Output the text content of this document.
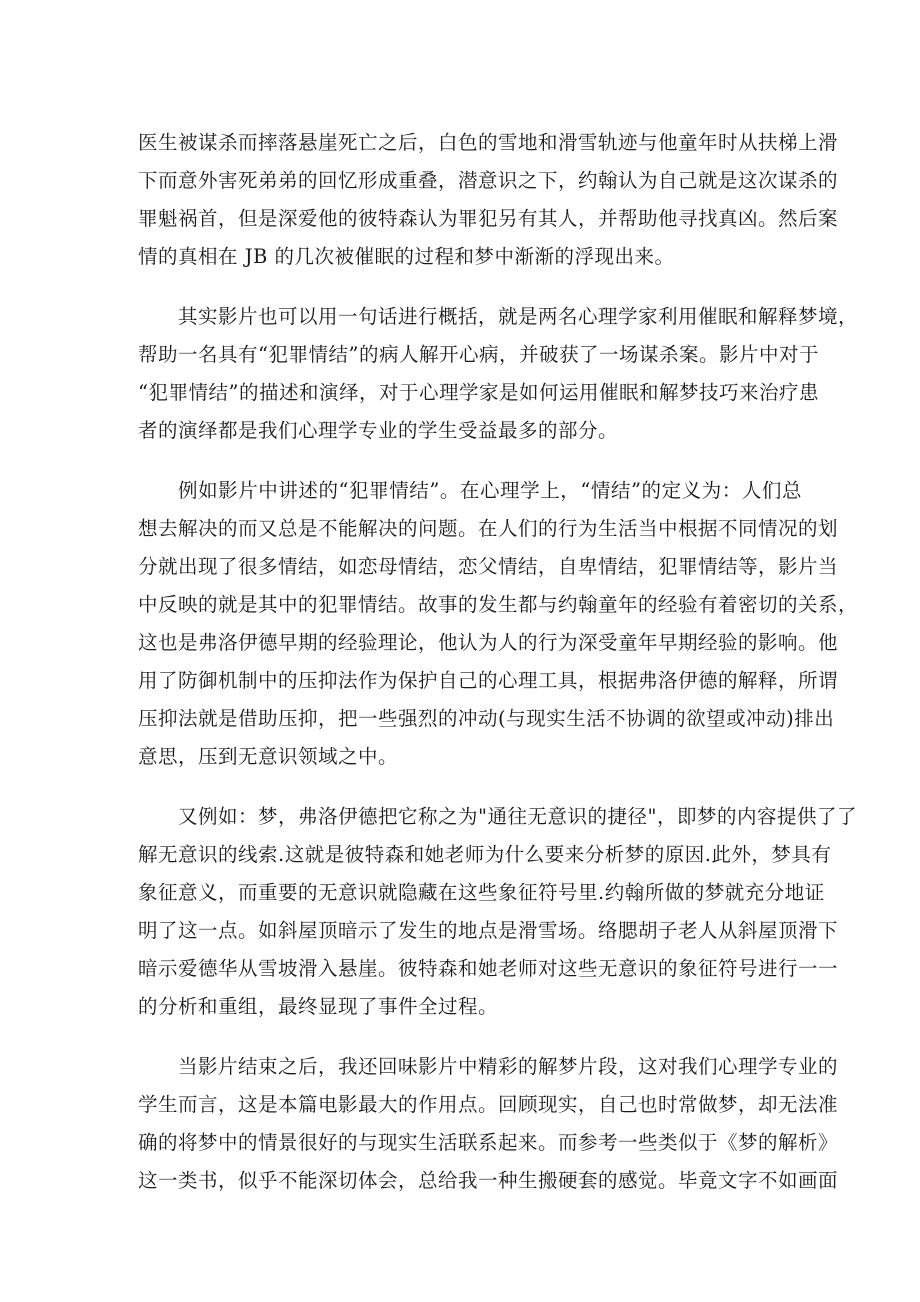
医生被谋杀而摔落悬崖死亡之后，白色的雪地和滑雪轨迹与他童年时从扶梯上滑
下而意外害死弟弟的回忆形成重叠，潜意识之下，约翰认为自己就是这次谋杀的
罪魁祸首，但是深爱他的彼特森认为罪犯另有其人，并帮助他寻找真凶。然后案
情的真相在 JB 的几次被催眠的过程和梦中渐渐的浮现出来。

其实影片也可以用一句话进行概括，就是两名心理学家利用催眠和解释梦境，
帮助一名具有“犯罪情结”的病人解开心病，并破获了一场谋杀案。影片中对于
“犯罪情结”的描述和演绎，对于心理学家是如何运用催眠和解梦技巧来治疗患
者的演绎都是我们心理学专业的学生受益最多的部分。

例如影片中讲述的“犯罪情结”。在心理学上，“情结”的定义为：人们总
想去解决的而又总是不能解决的问题。在人们的行为生活当中根据不同情况的划
分就出现了很多情结，如恋母情结，恋父情结，自卑情结，犯罪情结等，影片当
中反映的就是其中的犯罪情结。故事的发生都与约翰童年的经验有着密切的关系，
这也是弗洛伊德早期的经验理论，他认为人的行为深受童年早期经验的影响。他
用了防御机制中的压抑法作为保护自己的心理工具，根据弗洛伊德的解释，所谓
压抑法就是借助压抑，把一些强烈的冲动(与现实生活不协调的欲望或冲动)排出
意思，压到无意识领域之中。

又例如：梦，弗洛伊德把它称之为"通往无意识的捷径"，即梦的内容提供了了
解无意识的线索.这就是彼特森和她老师为什么要来分析梦的原因.此外，梦具有
象征意义，而重要的无意识就隐藏在这些象征符号里.约翰所做的梦就充分地证
明了这一点。如斜屋顶暗示了发生的地点是滑雪场。络腮胡子老人从斜屋顶滑下
暗示爱德华从雪坡滑入悬崖。彼特森和她老师对这些无意识的象征符号进行一一
的分析和重组，最终显现了事件全过程。

当影片结束之后，我还回味影片中精彩的解梦片段，这对我们心理学专业的
学生而言，这是本篇电影最大的作用点。回顾现实，自己也时常做梦，却无法准
确的将梦中的情景很好的与现实生活联系起来。而参考一些类似于《梦的解析》
这一类书，似乎不能深切体会，总给我一种生搬硬套的感觉。毕竟文字不如画面
